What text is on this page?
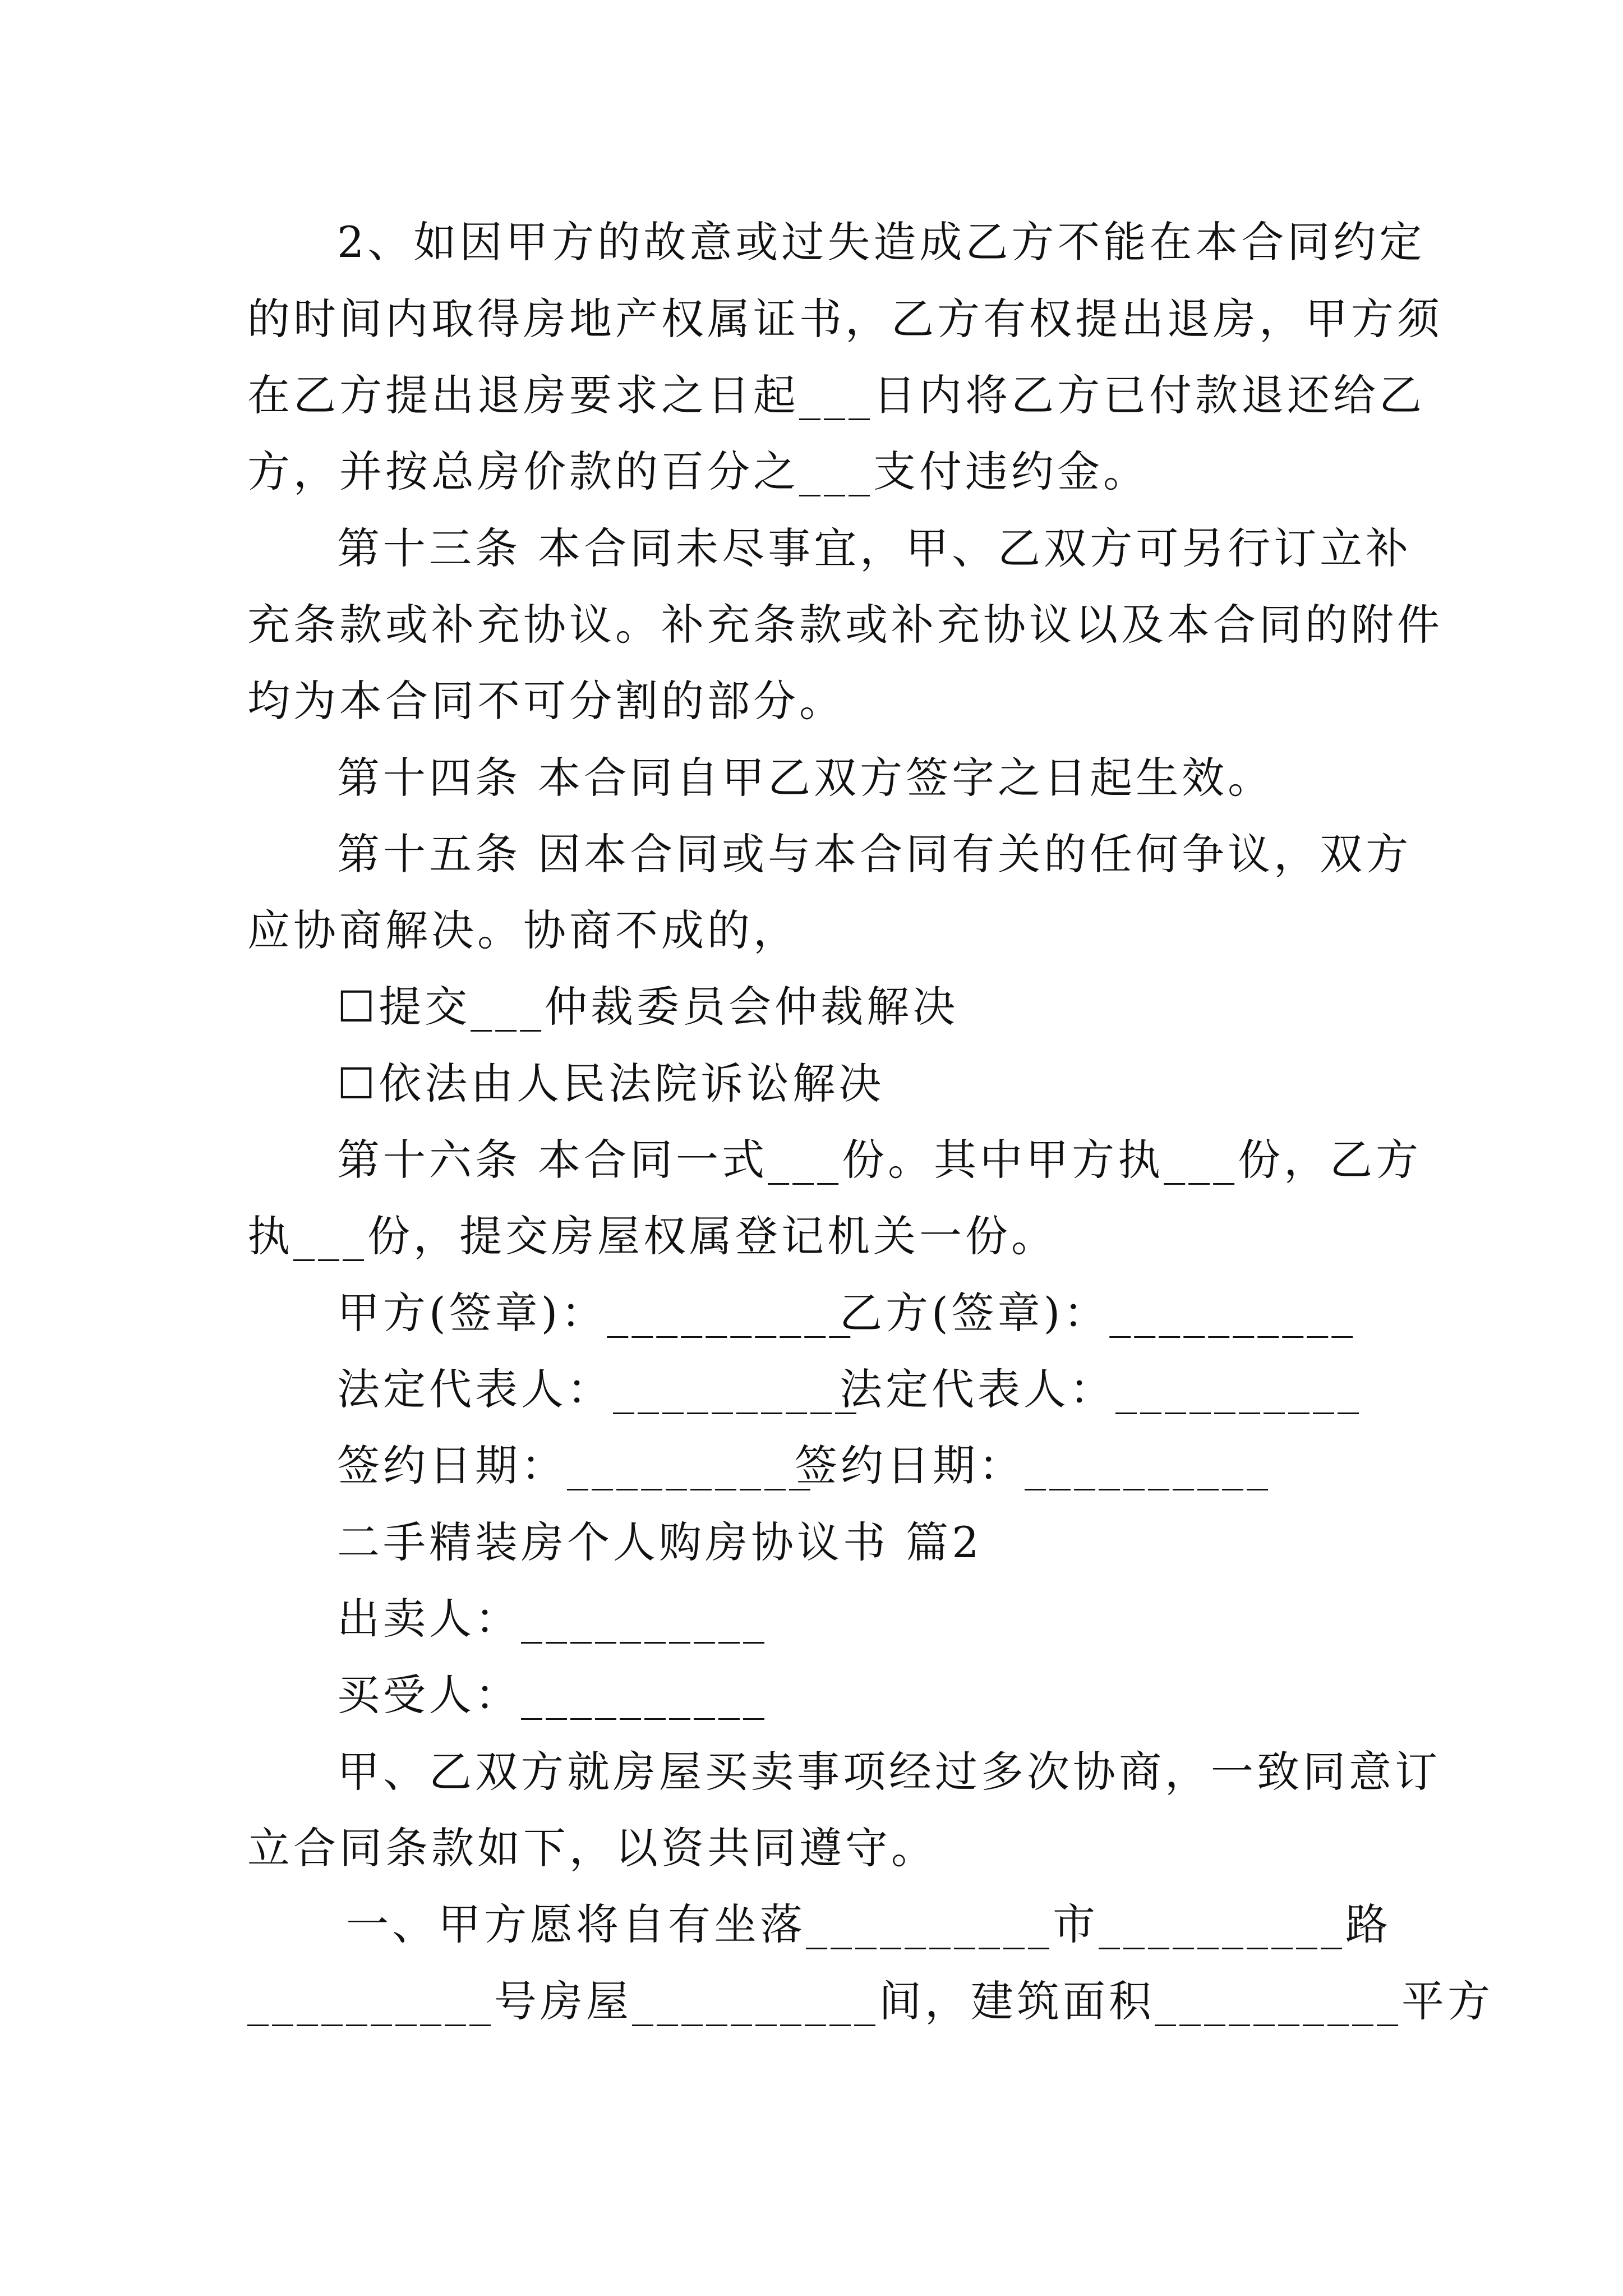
2、如因甲方的故意或过失造成乙方不能在本合同约定
的时间内取得房地产权属证书，乙方有权提出退房，甲方须
在乙方提出退房要求之日起___日内将乙方已付款退还给乙
方，并按总房价款的百分之___支付违约金。
第十三条 本合同未尽事宜，甲、乙双方可另行订立补
充条款或补充协议。补充条款或补充协议以及本合同的附件
均为本合同不可分割的部分。
第十四条 本合同自甲乙双方签字之日起生效。
第十五条 因本合同或与本合同有关的任何争议，双方
应协商解决。协商不成的，
☐提交___仲裁委员会仲裁解决
☐依法由人民法院诉讼解决
第十六条 本合同一式___份。其中甲方执___份，乙方
执___份，提交房屋权属登记机关一份。
甲方(签章)：__________
乙方(签章)：__________
法定代表人：__________
法定代表人：__________
签约日期：__________
签约日期：__________
二手精装房个人购房协议书 篇2
出卖人：__________
买受人：__________
甲、乙双方就房屋买卖事项经过多次协商，一致同意订
立合同条款如下，以资共同遵守。
一、甲方愿将自有坐落__________市__________路
__________号房屋__________间，建筑面积__________平方
